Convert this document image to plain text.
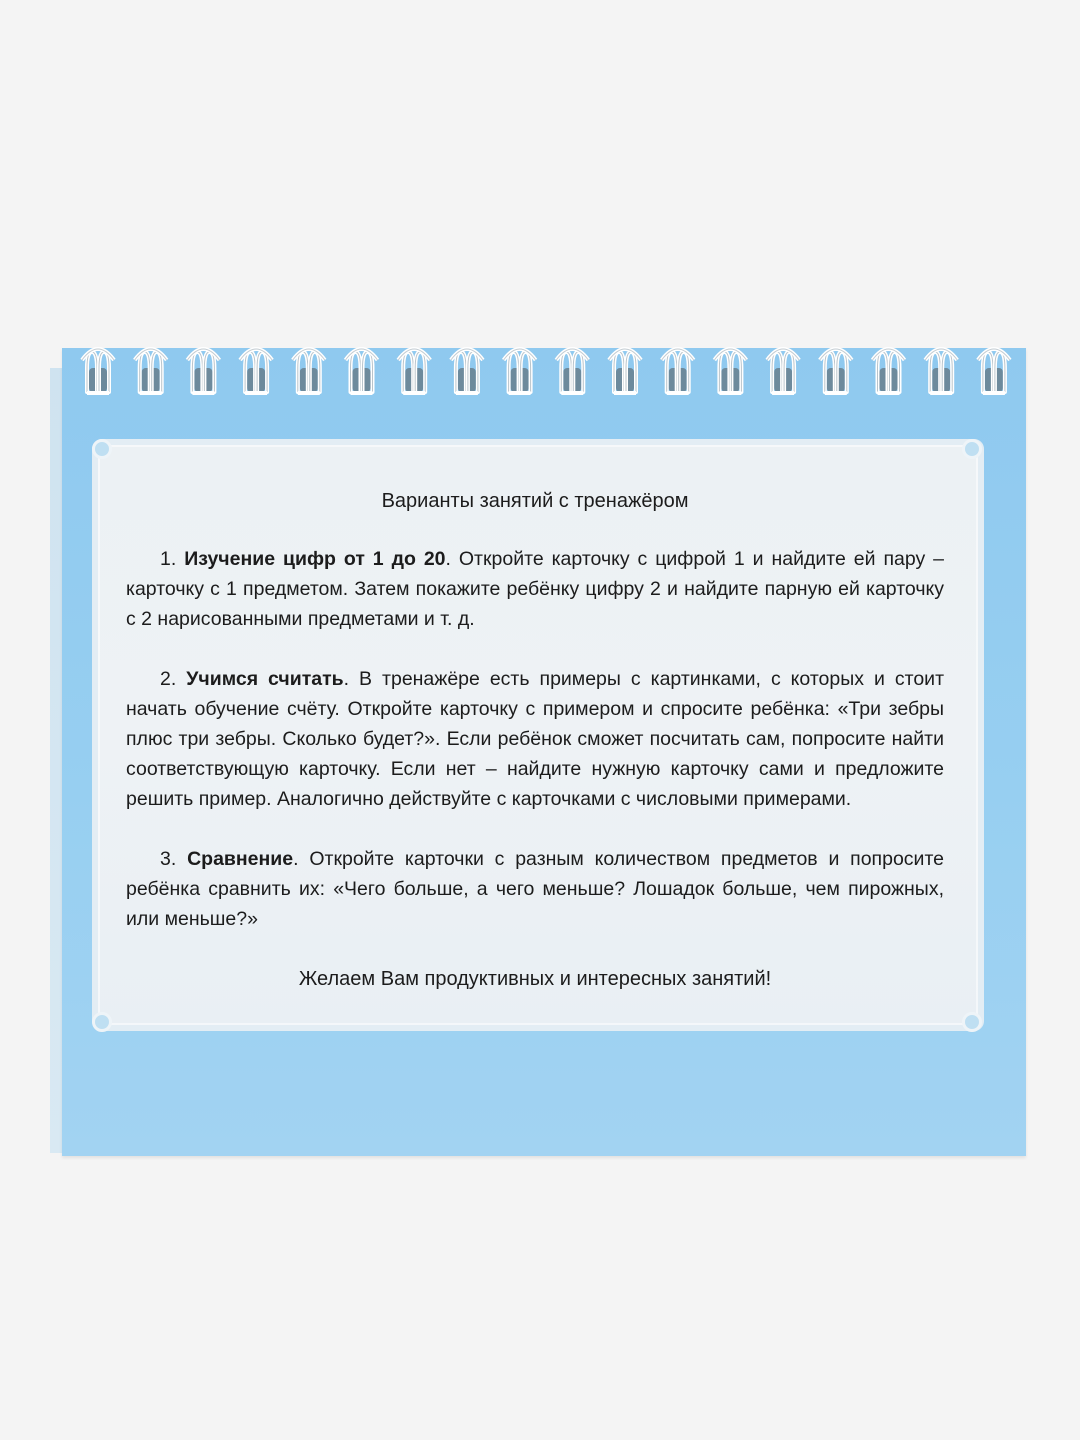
Варианты занятий с тренажёром

1. Изучение цифр от 1 до 20. Откройте карточку с цифрой 1 и найдите ей пару – карточку с 1 предметом. Затем покажите ребёнку цифру 2 и найдите парную ей карточку с 2 нарисованными предметами и т. д.

2. Учимся считать. В тренажёре есть примеры с картинками, с которых и стоит начать обучение счёту. Откройте карточку с примером и спросите ребёнка: «Три зебры плюс три зебры. Сколько будет?». Если ребёнок сможет посчитать сам, попросите найти соответствующую карточку. Если нет – найдите нужную карточку сами и предложите решить пример. Аналогично действуйте с карточками с числовыми примерами.

3. Сравнение. Откройте карточки с разным количеством предметов и попросите ребёнка сравнить их: «Чего больше, а чего меньше? Лошадок больше, чем пирожных, или меньше?»

Желаем Вам продуктивных и интересных занятий!
